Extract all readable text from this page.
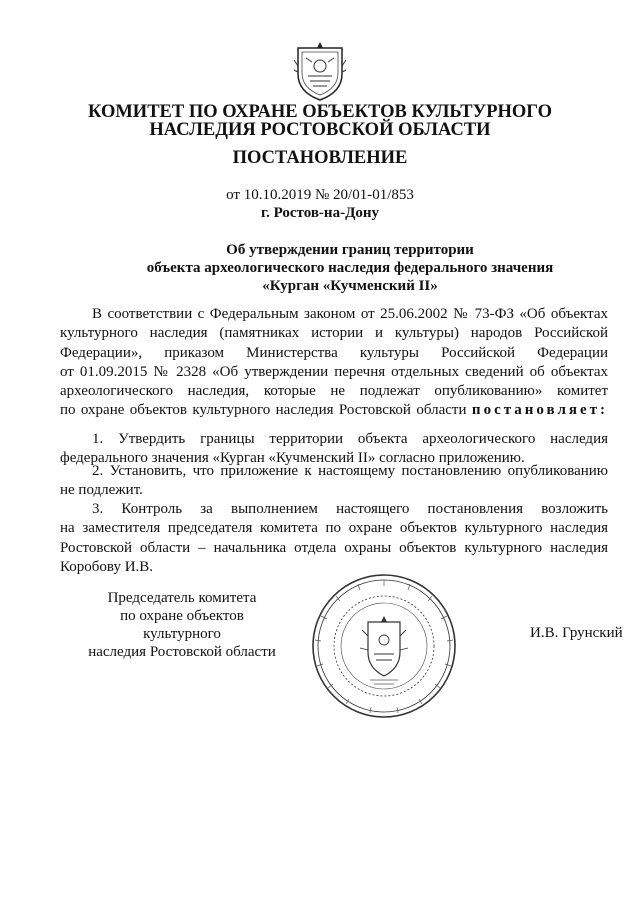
КОМИТЕТ ПО ОХРАНЕ ОБЪЕКТОВ КУЛЬТУРНОГО
НАСЛЕДИЯ РОСТОВСКОЙ ОБЛАСТИ
ПОСТАНОВЛЕНИЕ
от 10.10.2019 № 20/01-01/853
г. Ростов-на-Дону
Об утверждении границ территории
объекта археологического наследия федерального значения
«Курган «Кучменский II»
В соответствии с Федеральным законом от 25.06.2002 № 73-ФЗ «Об объектах
культурного наследия (памятниках истории и культуры) народов Российской
Федерации», приказом Министерства культуры Российской Федерации
от 01.09.2015 № 2328 «Об утверждении перечня отдельных сведений об объектах
археологического наследия, которые не подлежат опубликованию» комитет
по охране объектов культурного наследия Ростовской области постановляет:
1. Утвердить границы территории объекта археологического наследия
федерального значения «Курган «Кучменский II» согласно приложению.
2. Установить, что приложение к настоящему постановлению опубликованию
не подлежит.
3. Контроль за выполнением настоящего постановления возложить
на заместителя председателя комитета по охране объектов культурного наследия
Ростовской области – начальника отдела охраны объектов культурного наследия
Коробову И.В.
Председатель комитета
по охране объектов культурного
наследия Ростовской области
И.В. Грунский
